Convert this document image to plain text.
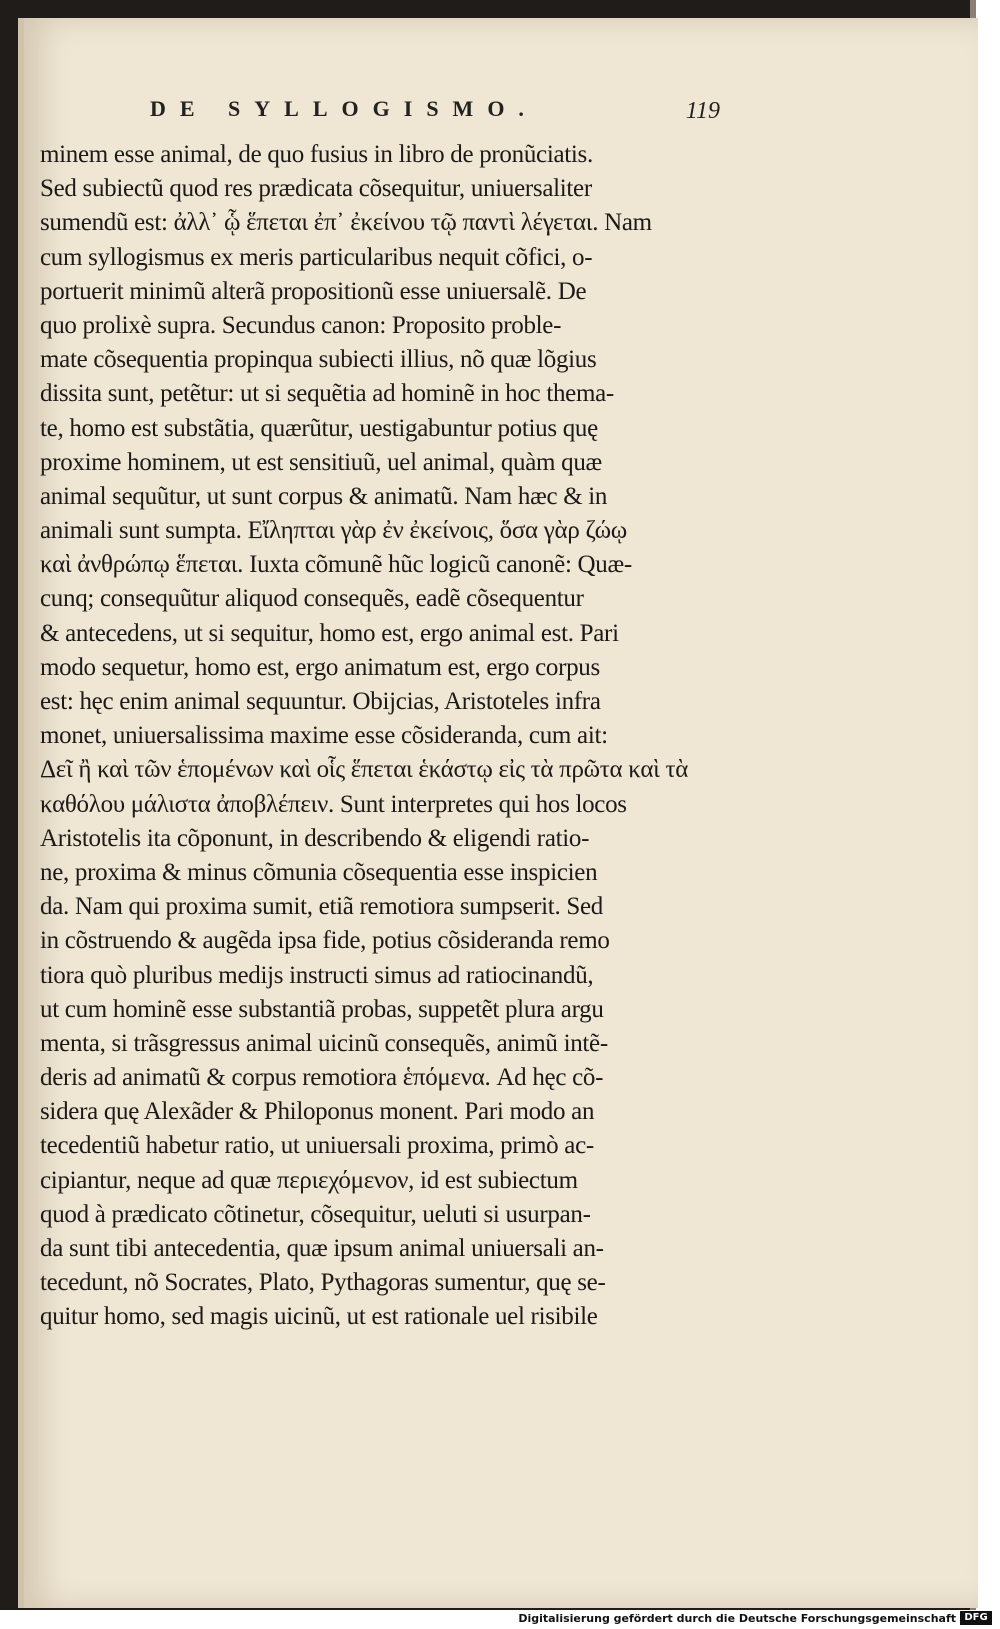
DE SYLLOGISMO.	119
minem esse animal, de quo fusius in libro de pronũciatis.
Sed subiectũ quod res prædicata cõsequitur, uniuersaliter
sumendũ est: ἀλλ᾽ ᾧ ἕπεται ἐπ᾽ ἐκείνου τῷ παντὶ λέγεται. Nam
cum syllogismus ex meris particularibus nequit cõfici, o-
portuerit minimũ alterã propositionũ esse uniuersalẽ. De
quo prolixè supra. Secundus canon: Proposito proble-
mate cõsequentia propinqua subiecti illius, nõ quæ lõgius
dissita sunt, petẽtur: ut si sequẽtia ad hominẽ in hoc thema-
te, homo est substãtia, quærũtur, uestigabuntur potius quę
proxime hominem, ut est sensitiuũ, uel animal, quàm quæ
animal sequũtur, ut sunt corpus & animatũ. Nam hæc & in
animali sunt sumpta. Εἴληπται γὰρ ἐν ἐκείνοις, ὅσα γὰρ ζώῳ
καὶ ἀνθρώπῳ ἕπεται. Iuxta cõmunẽ hũc logicũ canonẽ: Quæ-
cunq; consequũtur aliquod consequẽs, eadẽ cõsequentur
& antecedens, ut si sequitur, homo est, ergo animal est. Pari
modo sequetur, homo est, ergo animatum est, ergo corpus
est: hęc enim animal sequuntur. Obijcias, Aristoteles infra
monet, uniuersalissima maxime esse cõsideranda, cum ait:
Δεῖ ἢ καὶ τῶν ἑπομένων καὶ οἷς ἕπεται ἑκάστῳ εἰς τὰ πρῶτα καὶ τὰ
καθόλου μάλιστα ἀποβλέπειν. Sunt interpretes qui hos locos
Aristotelis ita cõponunt, in describendo & eligendi ratio-
ne, proxima & minus cõmunia cõsequentia esse inspicien
da. Nam qui proxima sumit, etiã remotiora sumpserit. Sed
in cõstruendo & augẽda ipsa fide, potius cõsideranda remo
tiora quò pluribus medijs instructi simus ad ratiocinandũ,
ut cum hominẽ esse substantiã probas, suppetẽt plura argu
menta, si trãsgressus animal uicinũ consequẽs, animũ intẽ-
deris ad animatũ & corpus remotiora ἑπόμενα. Ad hęc cõ-
sidera quę Alexãder & Philoponus monent. Pari modo an
tecedentiũ habetur ratio, ut uniuersali proxima, primò ac-
cipiantur, neque ad quæ περιεχόμενον, id est subiectum
quod à prædicato cõtinetur, cõsequitur, ueluti si usurpan-
da sunt tibi antecedentia, quæ ipsum animal uniuersali an-
tecedunt, nõ Socrates, Plato, Pythagoras sumentur, quę se-
quitur homo, sed magis uicinũ, ut est rationale uel risibile
Digitalisierung gefördert durch die Deutsche Forschungsgemeinschaft DFG
